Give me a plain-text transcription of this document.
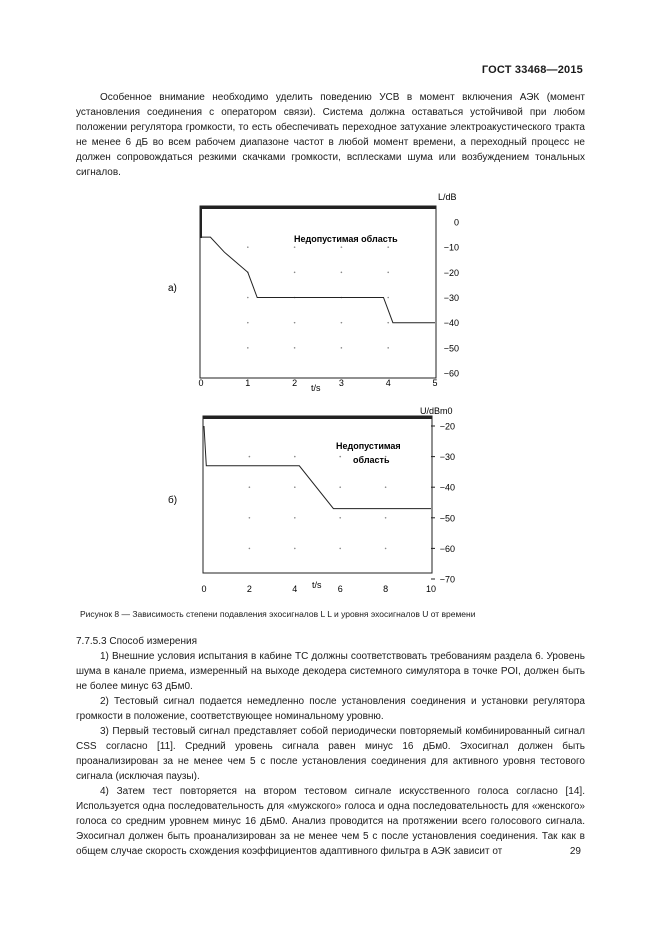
ГОСТ 33468—2015

Особенное внимание необходимо уделить поведению УСВ в момент включения АЭК (момент установления соединения с оператором связи). Система должна оставаться устойчивой при любом положении регулятора громкости, то есть обеспечивать переходное затухание электроакустического тракта не менее 6 дБ во всем рабочем диапазоне частот в любой момент времени, а переходный процесс не должен сопровождаться резкими скачками громкости, всплесками шума или возбуждением тональных сигналов.

а)
Недопустимая область
L/dB
0
−10
−20
−30
−40
−50
−60
0	1	2	3	4	5
t/s
б)
Недопустимая
область
U/dBm0
−20
−30
−40
−50
−60
−70
0	2	4	6	8	10
t/s
Рисунок 8 — Зависимость степени подавления эхосигналов L L и уровня эхосигналов U от времени

7.7.5.3 Способ измерения

1) Внешние условия испытания в кабине ТС должны соответствовать требованиям раздела 6. Уровень шума в канале приема, измеренный на выходе декодера системного симулятора в точке POI, должен быть не более минус 63 дБм0.

2) Тестовый сигнал подается немедленно после установления соединения и установки регулятора громкости в положение, соответствующее номинальному уровню.

3) Первый тестовый сигнал представляет собой периодически повторяемый комбинированный сигнал CSS согласно [11]. Средний уровень сигнала равен минус 16 дБм0. Эхосигнал должен быть проанализирован за не менее чем 5 с после установления соединения для активного уровня тестового сигнала (исключая паузы).

4) Затем тест повторяется на втором тестовом сигнале искусственного голоса согласно [14]. Используется одна последовательность для «мужского» голоса и одна последовательность для «женского» голоса со средним уровнем минус 16 дБм0. Анализ проводится на протяжении всего голосового сигнала. Эхосигнал должен быть проанализирован за не менее чем 5 с после установления соединения. Так как в общем случае скорость схождения коэффициентов адаптивного фильтра в АЭК зависит от	29
